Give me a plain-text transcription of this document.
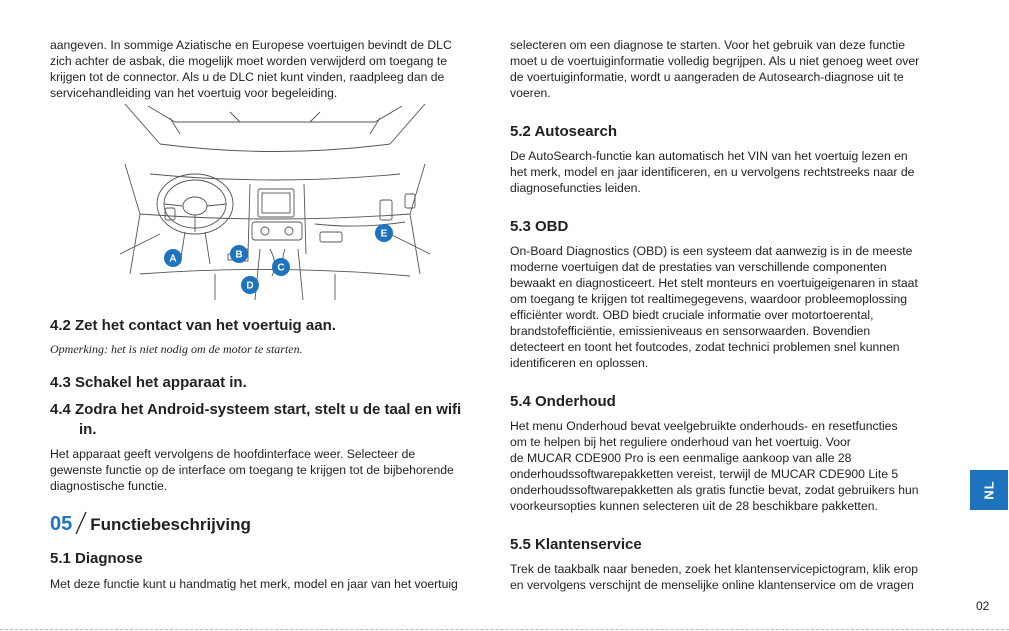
aangeven. In sommige Aziatische en Europese voertuigen bevindt de DLC

zich achter de asbak, die mogelijk moet worden verwijderd om toegang te

krijgen tot de connector. Als u de DLC niet kunt vinden, raadpleeg dan de

servicehandleiding van het voertuig voor begeleiding.

4.2 Zet het contact van het voertuig aan.

Opmerking: het is niet nodig om de motor te starten.

4.3 Schakel het apparaat in.
4.4 Zodra het Android-systeem start, stelt u de taal en wifi
in.

Het apparaat geeft vervolgens de hoofdinterface weer. Selecteer de

gewenste functie op de interface om toegang te krijgen tot de bijbehorende

diagnostische functie.

05 Functiebeschrijving
5.1 Diagnose

Met deze functie kunt u handmatig het merk, model en jaar van het voertuig

A	B
C
D
E

selecteren om een diagnose te starten. Voor het gebruik van deze functie

moet u de voertuiginformatie volledig begrijpen. Als u niet genoeg weet over

de voertuiginformatie, wordt u aangeraden de Autosearch-diagnose uit te

voeren.

5.2 Autosearch

De AutoSearch-functie kan automatisch het VIN van het voertuig lezen en

het merk, model en jaar identificeren, en u vervolgens rechtstreeks naar de

diagnosefuncties leiden.

5.3 OBD

On-Board Diagnostics (OBD) is een systeem dat aanwezig is in de meeste

moderne voertuigen dat de prestaties van verschillende componenten

bewaakt en diagnosticeert. Het stelt monteurs en voertuigeigenaren in staat

om toegang te krijgen tot realtimegegevens, waardoor probleemoplossing

efficiënter wordt. OBD biedt cruciale informatie over motortoerental,

brandstofefficiëntie, emissieniveaus en sensorwaarden. Bovendien

detecteert en toont het foutcodes, zodat technici problemen snel kunnen

identificeren en oplossen.

5.4 Onderhoud

Het menu Onderhoud bevat veelgebruikte onderhouds- en resetfuncties

om te helpen bij het reguliere onderhoud van het voertuig. Voor

de MUCAR CDE900 Pro is een eenmalige aankoop van alle 28

onderhoudssoftwarepakketten vereist, terwijl de MUCAR CDE900 Lite 5

onderhoudssoftwarepakketten als gratis functie bevat, zodat gebruikers hun

voorkeursopties kunnen selecteren uit de 28 beschikbare pakketten.

5.5 Klantenservice

Trek de taakbalk naar beneden, zoek het klantenservicepictogram, klik erop

en vervolgens verschijnt de menselijke online klantenservice om de vragen

NL
02
